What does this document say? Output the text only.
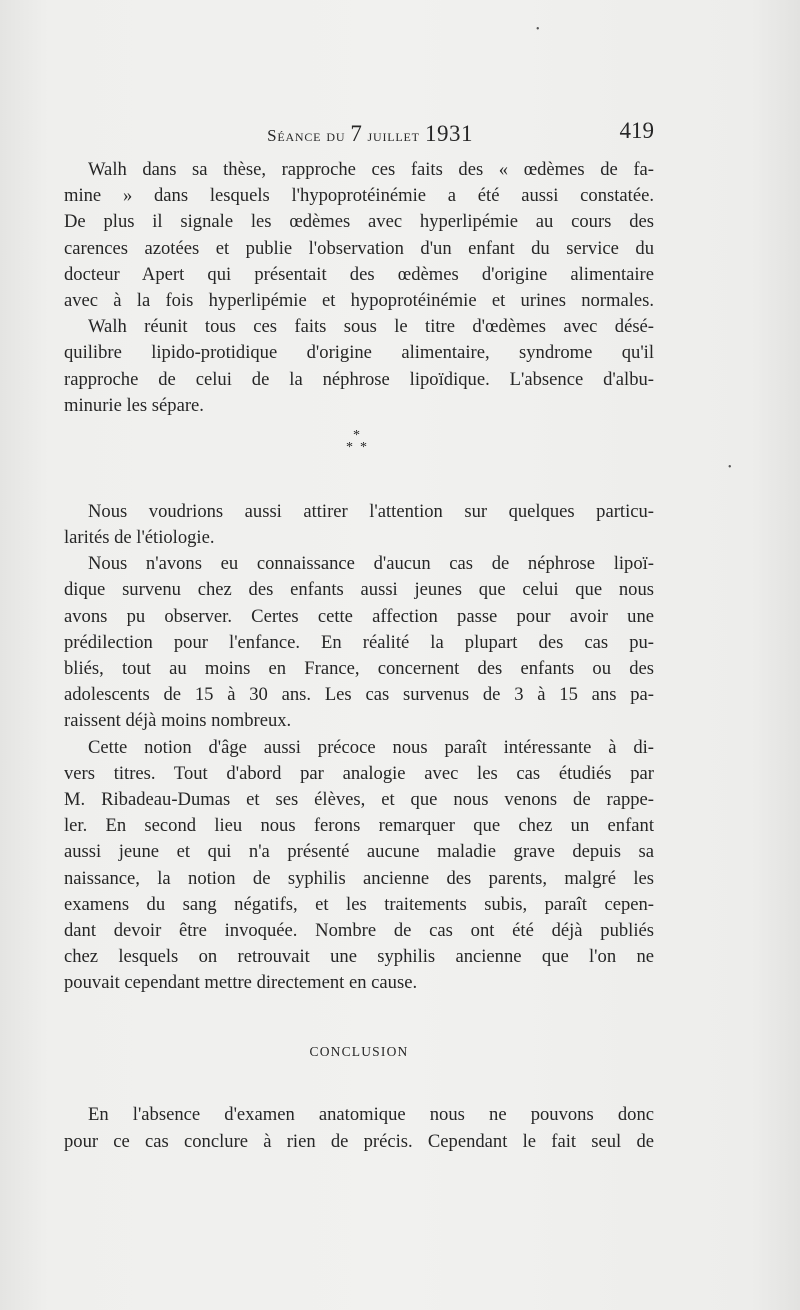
Séance du 7 juillet 1931	419
Walh dans sa thèse, rapproche ces faits des « œdèmes de fa-
mine » dans lesquels l'hypoprotéinémie a été aussi constatée.
De plus il signale les œdèmes avec hyperlipémie au cours des
carences azotées et publie l'observation d'un enfant du service du
docteur Apert qui présentait des œdèmes d'origine alimentaire
avec à la fois hyperlipémie et hypoprotéinémie et urines normales.
Walh réunit tous ces faits sous le titre d'œdèmes avec désé-
quilibre lipido-protidique d'origine alimentaire, syndrome qu'il
rapproche de celui de la néphrose lipoïdique. L'absence d'albu-
minurie les sépare.
*
* *
Nous voudrions aussi attirer l'attention sur quelques particu-
larités de l'étiologie.
Nous n'avons eu connaissance d'aucun cas de néphrose lipoï-
dique survenu chez des enfants aussi jeunes que celui que nous
avons pu observer. Certes cette affection passe pour avoir une
prédilection pour l'enfance. En réalité la plupart des cas pu-
bliés, tout au moins en France, concernent des enfants ou des
adolescents de 15 à 30 ans. Les cas survenus de 3 à 15 ans pa-
raissent déjà moins nombreux.
Cette notion d'âge aussi précoce nous paraît intéressante à di-
vers titres. Tout d'abord par analogie avec les cas étudiés par
M. Ribadeau-Dumas et ses élèves, et que nous venons de rappe-
ler. En second lieu nous ferons remarquer que chez un enfant
aussi jeune et qui n'a présenté aucune maladie grave depuis sa
naissance, la notion de syphilis ancienne des parents, malgré les
examens du sang négatifs, et les traitements subis, paraît cepen-
dant devoir être invoquée. Nombre de cas ont été déjà publiés
chez lesquels on retrouvait une syphilis ancienne que l'on ne
pouvait cependant mettre directement en cause.
CONCLUSION
En l'absence d'examen anatomique nous ne pouvons donc
pour ce cas conclure à rien de précis. Cependant le fait seul de
•
•
